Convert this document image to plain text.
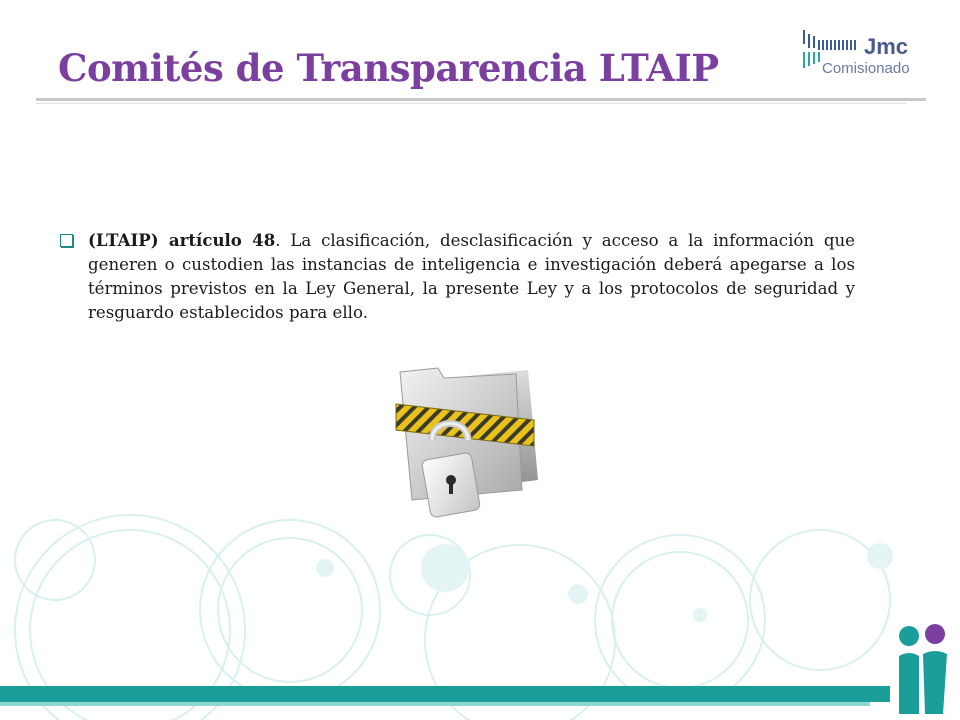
Jmc
Comisionado
Comités de Transparencia LTAIP

(LTAIP) artículo 48. La clasificación, desclasificación y acceso a la información que generen o custodien las instancias de inteligencia e investigación deberá apegarse a los términos previstos en la Ley General, la presente Ley y a los protocolos de seguridad y resguardo establecidos para ello.
